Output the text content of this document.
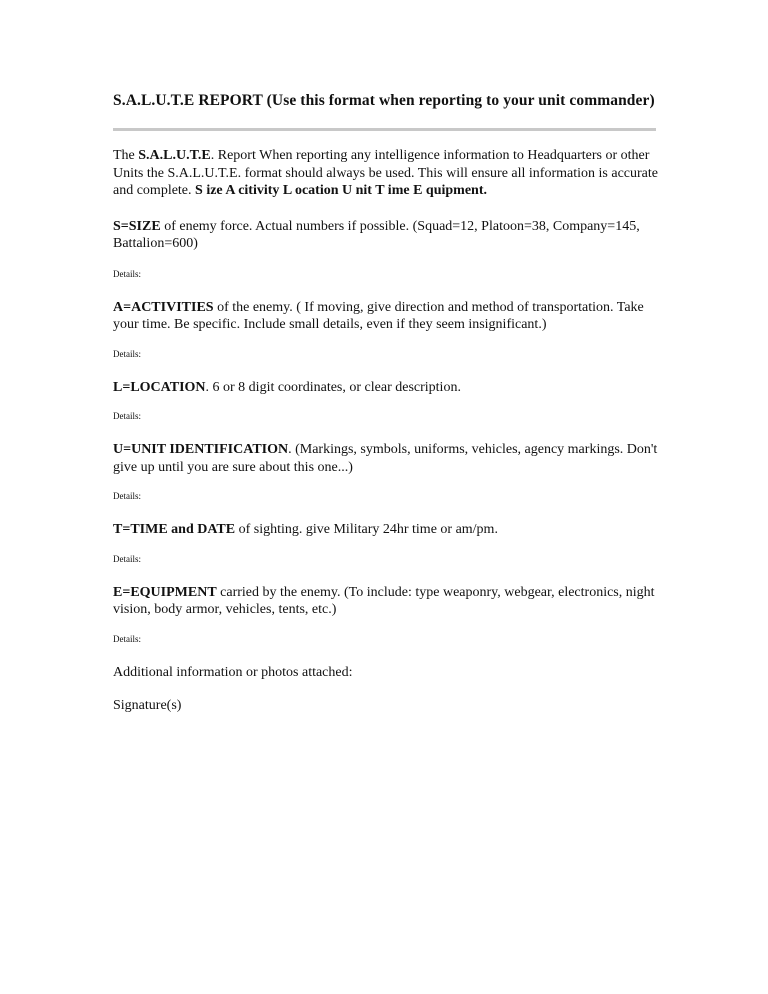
S.A.L.U.T.E REPORT (Use this format when reporting to your unit commander)

The S.A.L.U.T.E. Report When reporting any intelligence information to Headquarters or other Units the S.A.L.U.T.E. format should always be used. This will ensure all information is accurate and complete. S ize A citivity L ocation U nit T ime E quipment.

S=SIZE of enemy force. Actual numbers if possible. (Squad=12, Platoon=38, Company=145, Battalion=600)

Details:

A=ACTIVITIES of the enemy. ( If moving, give direction and method of transportation. Take your time. Be specific. Include small details, even if they seem insignificant.)

Details:

L=LOCATION. 6 or 8 digit coordinates, or clear description.

Details:

U=UNIT IDENTIFICATION. (Markings, symbols, uniforms, vehicles, agency markings. Don't give up until you are sure about this one...)

Details:

T=TIME and DATE of sighting. give Military 24hr time or am/pm.

Details:

E=EQUIPMENT carried by the enemy. (To include: type weaponry, webgear, electronics, night vision, body armor, vehicles, tents, etc.)

Details:

Additional information or photos attached:

Signature(s)
